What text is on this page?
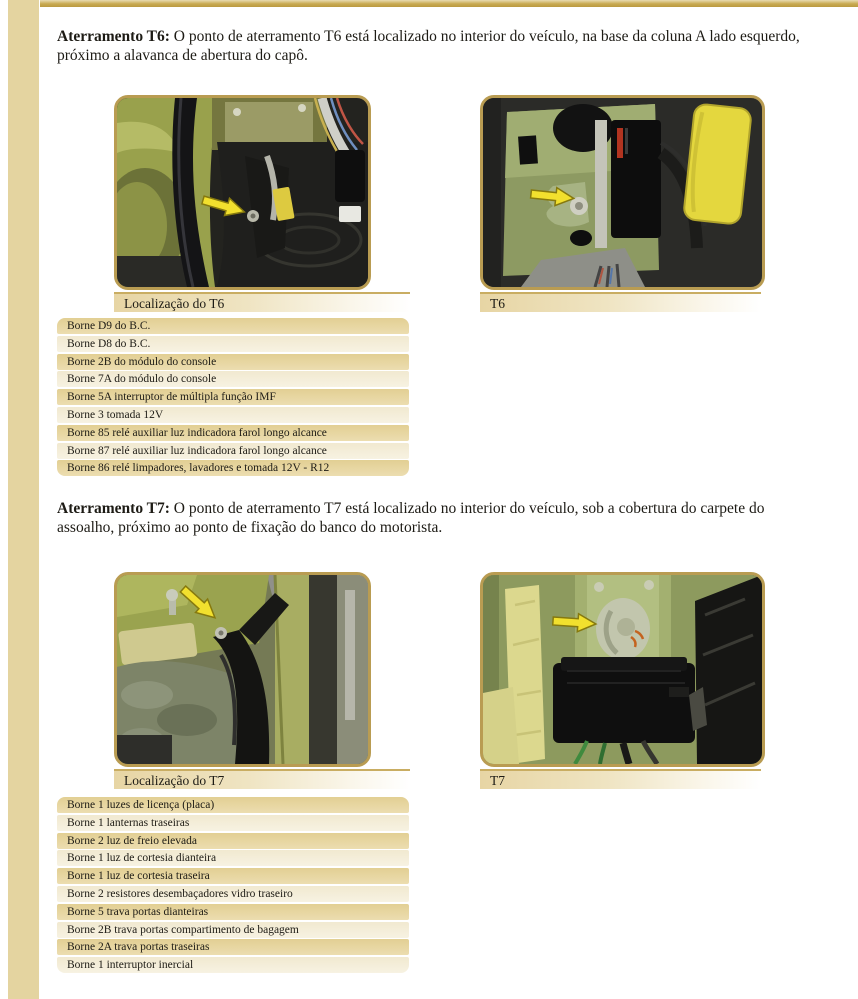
Aterramento T6: O ponto de aterramento T6 está localizado no interior do veículo, na base da coluna A lado esquerdo, próximo a alavanca de abertura do capô.

Localização do T6	T6
Borne D9 do B.C.
Borne D8 do B.C.
Borne 2B do módulo do console
Borne 7A do módulo do console
Borne 5A interruptor de múltipla função IMF
Borne 3 tomada 12V
Borne 85 relé auxiliar luz indicadora farol longo alcance
Borne 87 relé auxiliar luz indicadora farol longo alcance
Borne 86 relé limpadores, lavadores e tomada 12V - R12

Aterramento T7: O ponto de aterramento T7 está localizado no interior do veículo, sob a cobertura do carpete do assoalho, próximo ao ponto de fixação do banco do motorista.

Localização do T7	T7
Borne 1 luzes de licença (placa)
Borne 1 lanternas traseiras
Borne 2 luz de freio elevada
Borne 1 luz de cortesia dianteira
Borne 1 luz de cortesia traseira
Borne 2 resistores desembaçadores vidro traseiro
Borne 5 trava portas dianteiras
Borne 2B trava portas compartimento de bagagem
Borne 2A trava portas traseiras
Borne 1 interruptor inercial
